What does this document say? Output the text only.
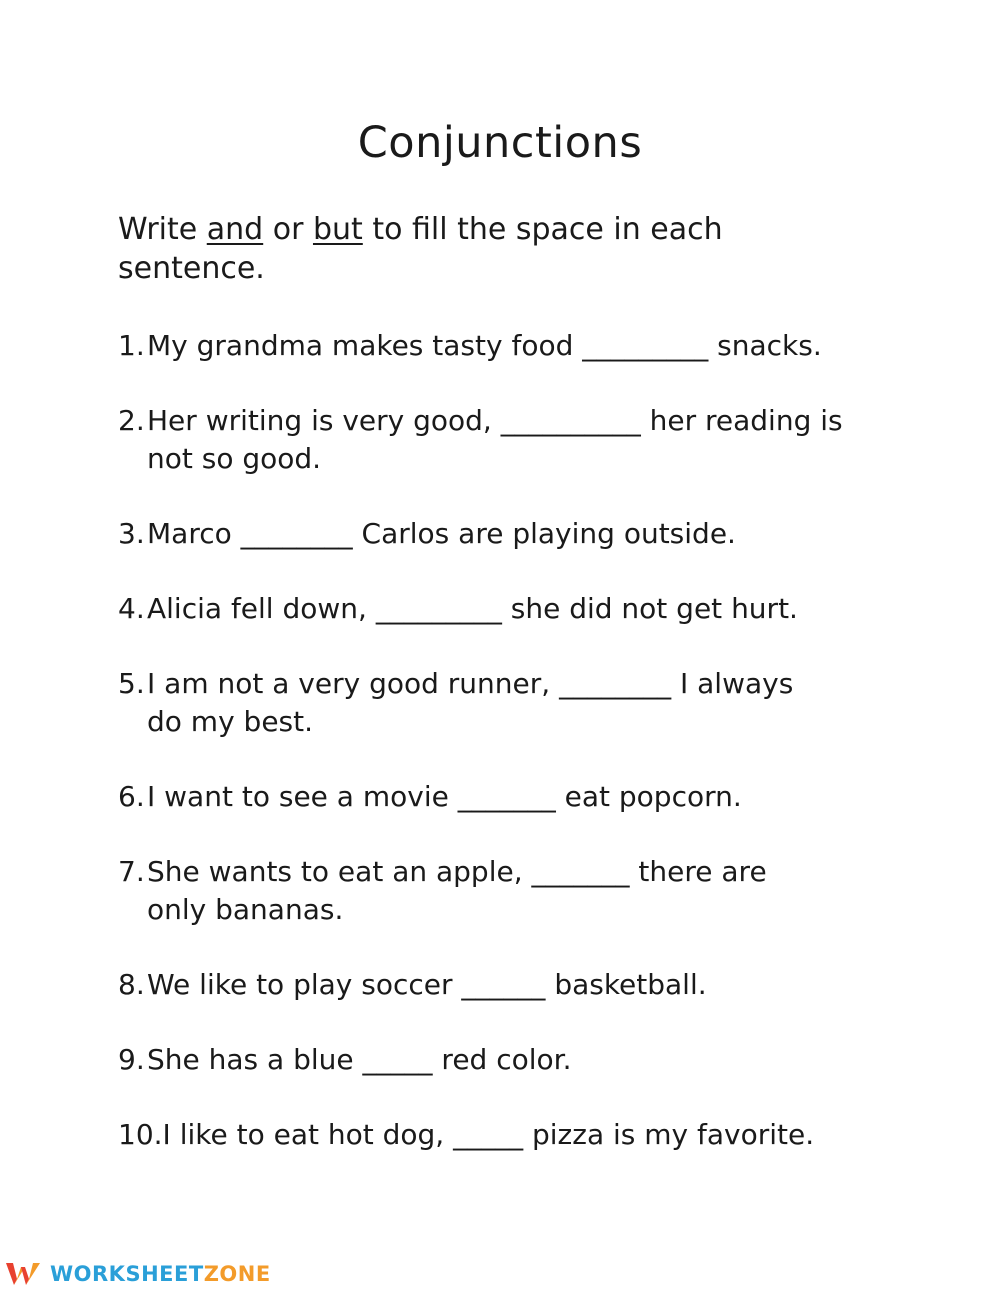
Conjunctions
Write and or but to fill the space in each sentence.
1. My grandma makes tasty food _________ snacks.
2. Her writing is very good, __________ her reading is
not so good.
3. Marco ________ Carlos are playing outside.
4. Alicia fell down, _________ she did not get hurt.
5. I am not a very good runner, ________ I always
do my best.
6. I want to see a movie _______ eat popcorn.
7. She wants to eat an apple, _______ there are
only bananas.
8. We like to play soccer ______ basketball.
9. She has a blue _____ red color.
10.I like to eat hot dog, _____ pizza is my favorite.
WORKSHEETZONE
